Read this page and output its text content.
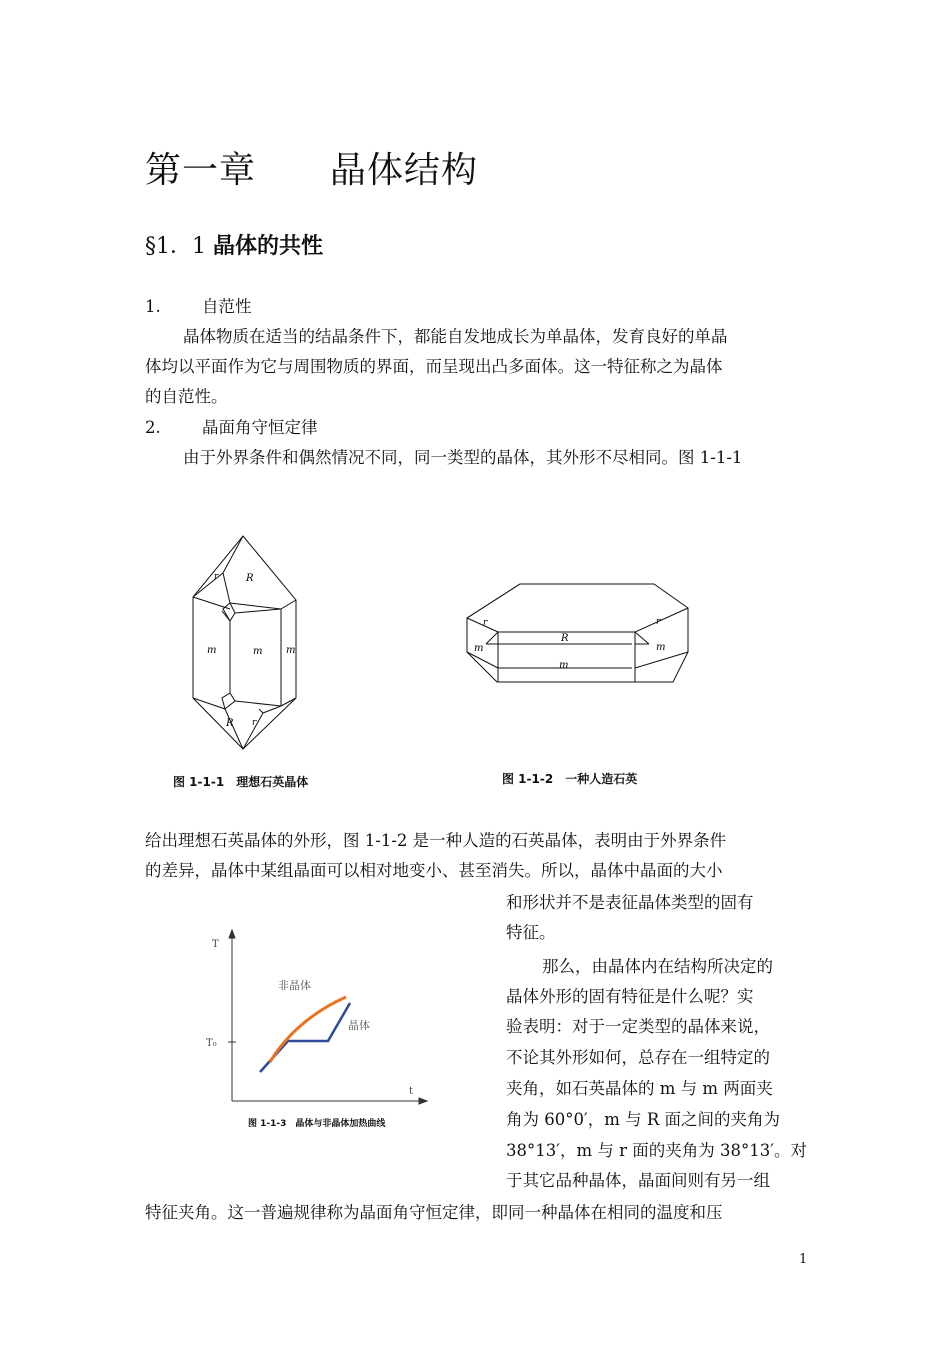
第一章 晶体结构
§1．1 晶体的共性
1.	自范性
晶体物质在适当的结晶条件下，都能自发地成长为单晶体，发育良好的单晶
体均以平面作为它与周围物质的界面，而呈现出凸多面体。这一特征称之为晶体
的自范性。
2.	晶面角守恒定律
由于外界条件和偶然情况不同，同一类型的晶体，其外形不尽相同。图 1-1-1
r	R
m	m m
R r
图 1-1-1　理想石英晶体
r
R
r
m
m
m
图 1-1-2　一种人造石英
给出理想石英晶体的外形，图 1-1-2 是一种人造的石英晶体，表明由于外界条件
的差异，晶体中某组晶面可以相对地变小、甚至消失。所以，晶体中晶面的大小
T
T₀
t
非晶体
晶体
图 1-1-3　晶体与非晶体加热曲线
和形状并不是表征晶体类型的固有
特征。
那么，由晶体内在结构所决定的
晶体外形的固有特征是什么呢？实
验表明：对于一定类型的晶体来说，
不论其外形如何，总存在一组特定的
夹角，如石英晶体的 m 与 m 两面夹
角为 60°0′，m 与 R 面之间的夹角为
38°13′，m 与 r 面的夹角为 38°13′。对
于其它品种晶体，晶面间则有另一组
特征夹角。这一普遍规律称为晶面角守恒定律，即同一种晶体在相同的温度和压
1
